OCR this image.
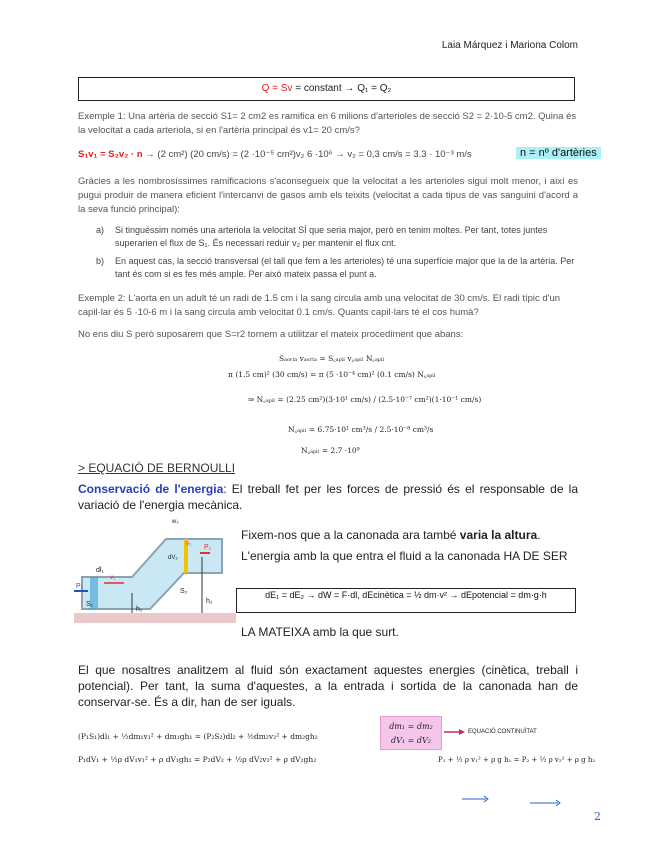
Laia Márquez i Mariona Colom
Q = Sv = constant → Q₁ = Q₂
Exemple 1: Una artèria de secció S1= 2 cm2 es ramifica en 6 milions d'arterioles de secció S2 = 2·10-5 cm2. Quina és la velocitat a cada arteriola, si en l'artèria principal és v1= 20 cm/s?
S₁v₁ = S₂v₂ · n → (2 cm²) (20 cm/s) = (2 ·10⁻⁵ cm²)v₂ 6 ·10⁶ → v₂ = 0,3 cm/s = 3.3 · 10⁻³ m/s	n = nº d'artèries
Gràcies a les nombrosíssimes ramificacions s'aconsegueix que la velocitat a les arterioles sigui molt menor, i així es pugui produir de manera eficient l'intercanvi de gasos amb els teixits (velocitat a cada tipus de vas sanguini d'acord a la seva funció principal):
a) Si tinguéssim només una arteriola la velocitat SÍ que seria major, però en tenim moltes. Per tant, totes juntes superarien el flux de S₁. És necessari reduir v₂ per mantenir el flux cnt.
b) En aquest cas, la secció transversal (el tall que fem a les arterioles) té una superfície major que la de la artèria. Per tant és com si es fes més ample. Per això mateix passa el punt a.
Exemple 2: L'aorta en un adult té un radi de 1.5 cm i la sang circula amb una velocitat de 30 cm/s. El radi típic d'un capil·lar és 5 ·10-6 m i la sang circula amb velocitat 0.1 cm/s. Quants capil·lars té el cos humà?
No ens diu S però suposarem que S=r2 tornem a utilitzar el mateix procediment que abans:
Sₐₒᵣₜₐ vₐₒᵣₜₐ = S꜀ₐₚᵢₗ v꜀ₐₚᵢₗ N꜀ₐₚᵢₗ
π (1.5 cm)² (30 cm/s) = π (5 ·10⁻⁴ cm)² (0.1 cm/s) N꜀ₐₚᵢₗ
⇒ N꜀ₐₚᵢₗ = (2.25 cm²)(3·10¹ cm/s) / (2.5·10⁻⁷ cm²)(1·10⁻¹ cm/s)
N꜀ₐₚᵢₗ = 6.75·10¹ cm³/s / 2.5·10⁻⁸ cm³/s
N꜀ₐₚᵢₗ = 2.7 ·10⁹
> EQUACIÓ DE BERNOULLI
Conservació de l'energia: El treball fet per les forces de pressió és el responsable de la variació de l'energia mecànica.
dl₁
v₁
P₁
S₁
h₁
S₂
h₂
dV₂
v₂ P₂
w₂
Fixem-nos que a la canonada ara també varia la altura.
L'energia amb la que entra el fluid a la canonada HA DE SER
dE₁ = dE₂ → dW = F·dl, dEcinètica = ½ dm·v² → dEpotencial = dm·g·h
LA MATEIXA amb la que surt.
El que nosaltres analitzem al fluid són exactament aquestes energies (cinètica, treball i potencial). Per tant, la suma d'aquestes, a la entrada i sortida de la canonada han de conservar-se. És a dir, han de ser iguals.
(P₁S₁)dl₁ + ½dm₁v₁² + dm₁gh₁ = (P₂S₂)dl₂ + ½dm₂v₂² + dm₂gh₂
dm₁ = dm₂
dV₁ = dV₂
EQUACIÓ CONTINUÏTAT
P₁dV₁ + ½ρ dV₁v₁² + ρ dV₁gh₁ = P₂dV₂ + ½ρ dV₂v₂² + ρ dV₂gh₂	P₁ + ½ ρ v₁² + ρ g h₁ = P₂ + ½ ρ v₂² + ρ g h₂
2
